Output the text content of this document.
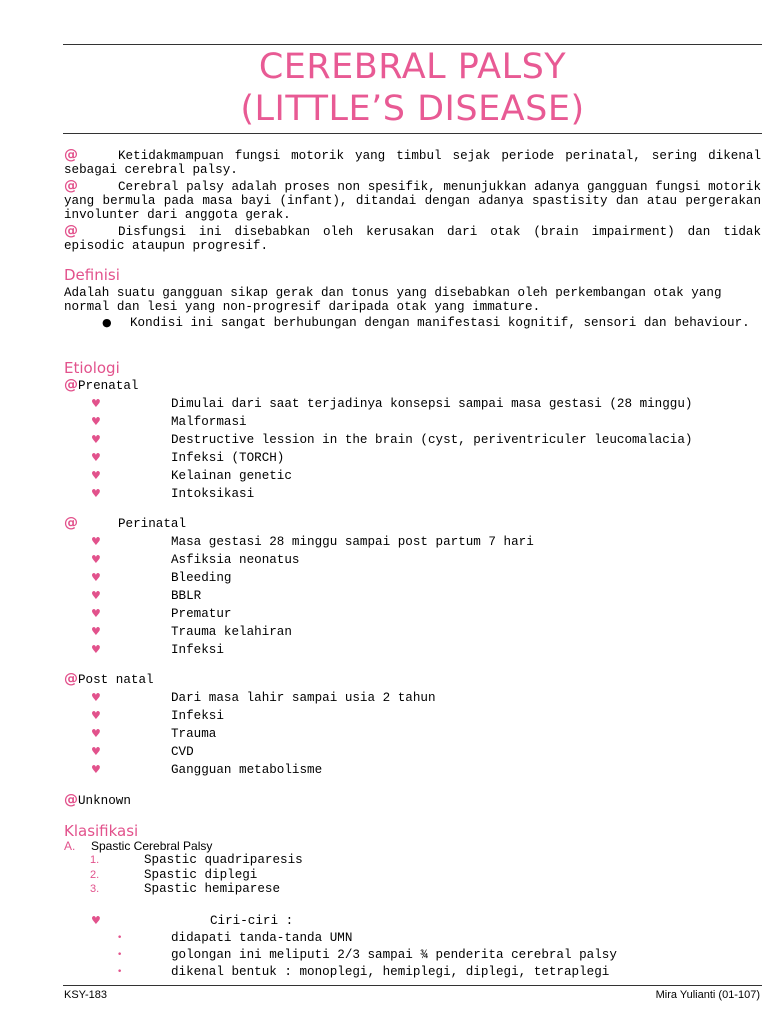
CEREBRAL PALSY
(LITTLE’S DISEASE)
@	Ketidakmampuan fungsi motorik yang timbul sejak periode perinatal, sering dikenal sebagai cerebral palsy.
@	Cerebral palsy adalah proses non spesifik, menunjukkan adanya gangguan fungsi motorik yang bermula pada masa bayi (infant), ditandai dengan adanya spastisity dan atau pergerakan involunter dari anggota gerak.
@	Disfungsi ini disebabkan oleh kerusakan dari otak (brain impairment) dan tidak episodic ataupun progresif.
Definisi
Adalah suatu gangguan sikap gerak dan tonus yang disebabkan oleh perkembangan otak yang normal dan lesi yang non-progresif daripada otak yang immature.
● Kondisi ini sangat berhubungan dengan manifestasi kognitif, sensori dan behaviour.
Etiologi
@Prenatal
♥	Dimulai dari saat terjadinya konsepsi sampai masa gestasi (28 minggu)
♥	Malformasi
♥	Destructive lession in the brain (cyst, periventriculer leucomalacia)
♥	Infeksi (TORCH)
♥	Kelainan genetic
♥	Intoksikasi
@	Perinatal
♥	Masa gestasi 28 minggu sampai post partum 7 hari
♥	Asfiksia neonatus
♥	Bleeding
♥	BBLR
♥	Prematur
♥	Trauma kelahiran
♥	Infeksi
@Post natal
♥	Dari masa lahir sampai usia 2 tahun
♥	Infeksi
♥	Trauma
♥	CVD
♥	Gangguan metabolisme
@Unknown
Klasifikasi
A. Spastic Cerebral Palsy
1.	Spastic quadriparesis
2.	Spastic diplegi
3.	Spastic hemiparese
♥	Ciri-ciri :
•	didapati tanda-tanda UMN
•	golongan ini meliputi 2/3 sampai ¾ penderita cerebral palsy
•	dikenal bentuk : monoplegi, hemiplegi, diplegi, tetraplegi
KSY-183	Mira Yulianti (01-107)
